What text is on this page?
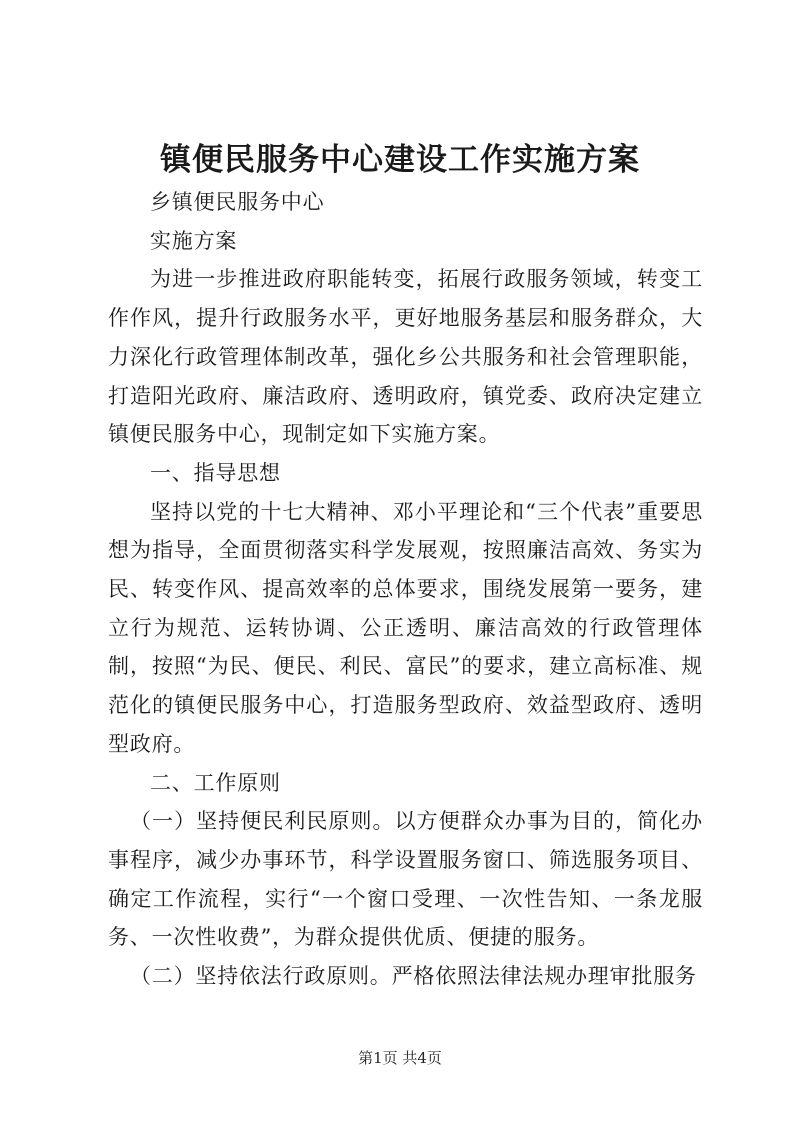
镇便民服务中心建设工作实施方案

乡镇便民服务中心

实施方案

为进一步推进政府职能转变，拓展行政服务领域，转变工作作风，提升行政服务水平，更好地服务基层和服务群众，大力深化行政管理体制改革，强化乡公共服务和社会管理职能，打造阳光政府、廉洁政府、透明政府，镇党委、政府决定建立镇便民服务中心，现制定如下实施方案。

一、指导思想

坚持以党的十七大精神、邓小平理论和“三个代表”重要思想为指导，全面贯彻落实科学发展观，按照廉洁高效、务实为民、转变作风、提高效率的总体要求，围绕发展第一要务，建立行为规范、运转协调、公正透明、廉洁高效的行政管理体制，按照“为民、便民、利民、富民”的要求，建立高标准、规范化的镇便民服务中心，打造服务型政府、效益型政府、透明型政府。

二、工作原则

（一）坚持便民利民原则。以方便群众办事为目的，简化办事程序，减少办事环节，科学设置服务窗口、筛选服务项目、确定工作流程，实行“一个窗口受理、一次性告知、一条龙服务、一次性收费”，为群众提供优质、便捷的服务。

（二）坚持依法行政原则。严格依照法律法规办理审批服务

第1页 共4页
